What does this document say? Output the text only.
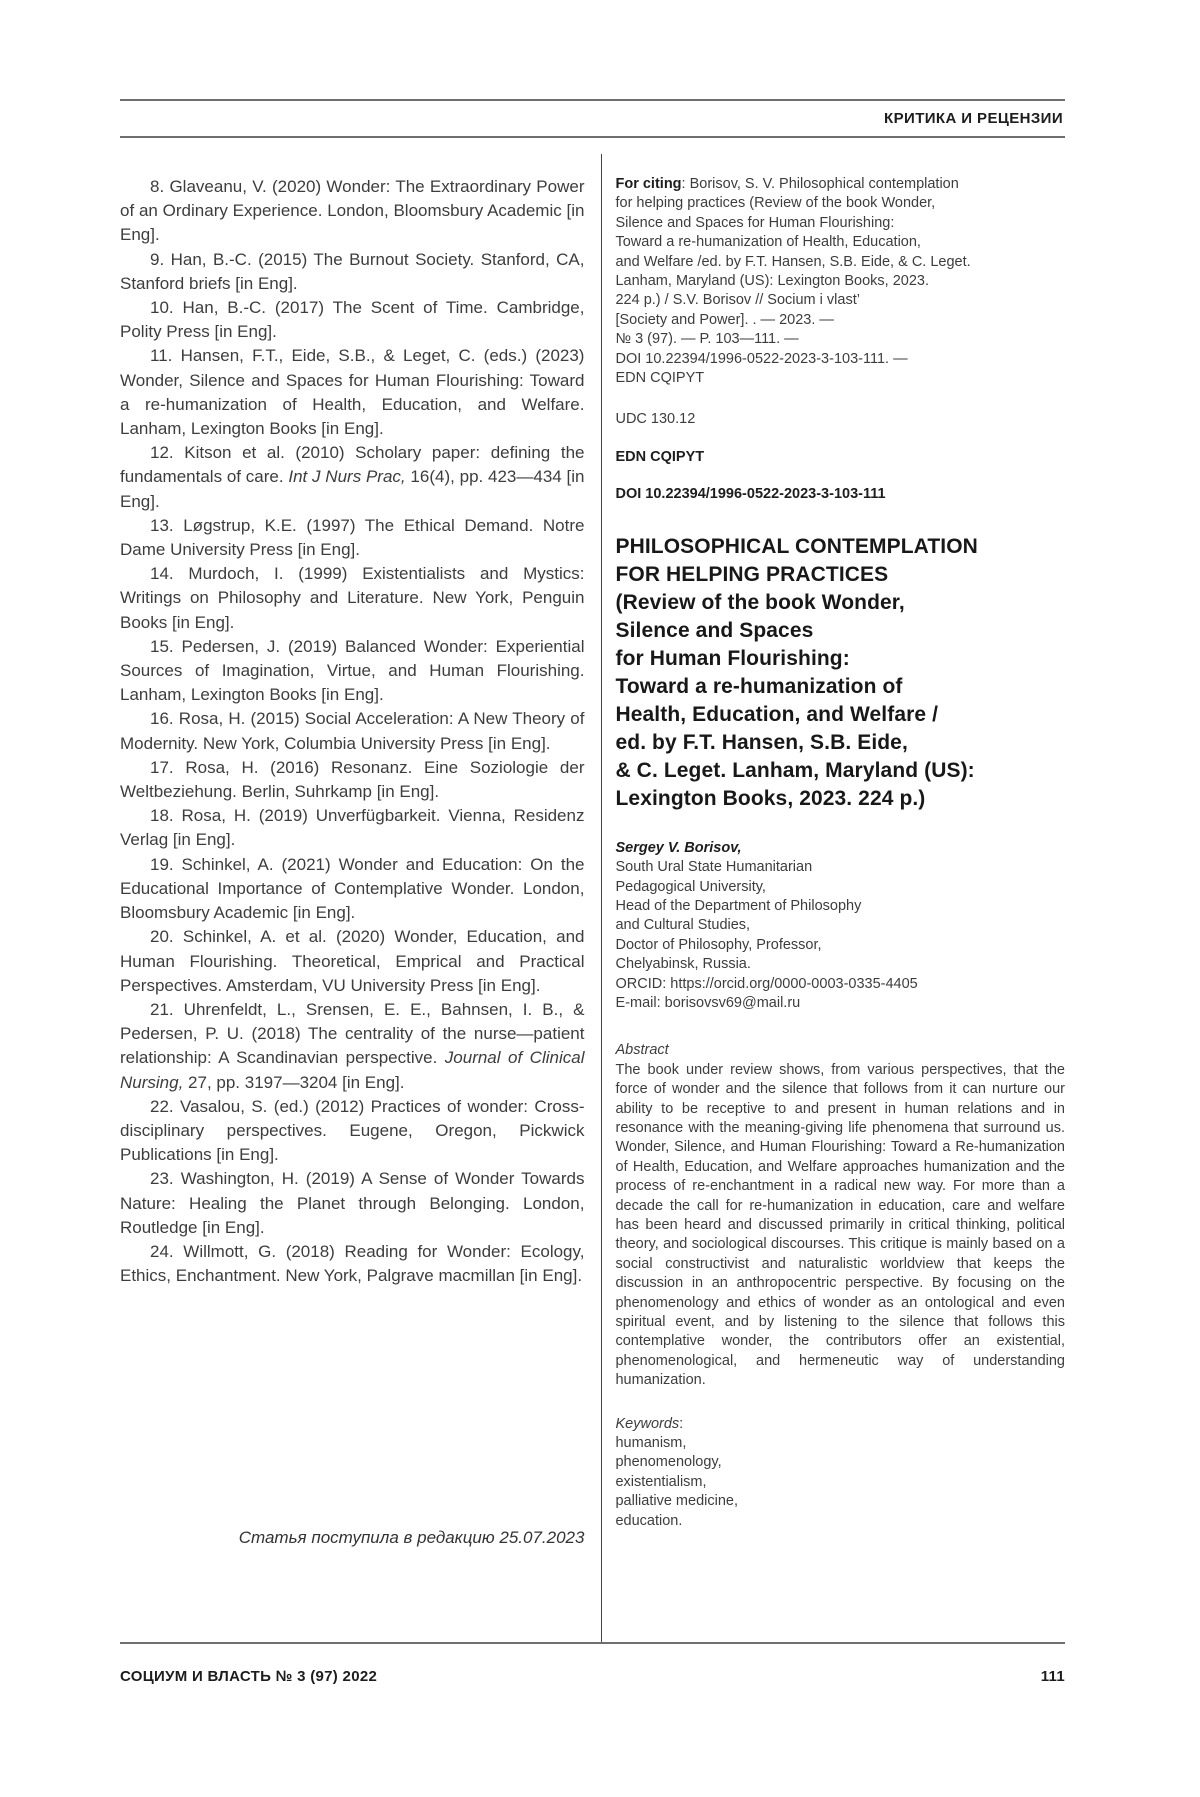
КРИТИКА И РЕЦЕНЗИИ

8. Glaveanu, V. (2020) Wonder: The Extraordinary Power of an Ordinary Experience. London, Bloomsbury Academic [in Eng].

9. Han, B.-C. (2015) The Burnout Society. Stanford, CA, Stanford briefs [in Eng].

10. Han, B.-C. (2017) The Scent of Time. Cambridge, Polity Press [in Eng].

11. Hansen, F.T., Eide, S.B., & Leget, C. (eds.) (2023) Wonder, Silence and Spaces for Human Flourishing: Toward a re-humanization of Health, Education, and Welfare. Lanham, Lexington Books [in Eng].

12. Kitson et al. (2010) Scholary paper: defining the fundamentals of care. Int J Nurs Prac, 16(4), pp. 423—434 [in Eng].

13. Løgstrup, K.E. (1997) The Ethical Demand. Notre Dame University Press [in Eng].

14. Murdoch, I. (1999) Existentialists and Mystics: Writings on Philosophy and Literature. New York, Penguin Books [in Eng].

15. Pedersen, J. (2019) Balanced Wonder: Experiential Sources of Imagination, Virtue, and Human Flourishing. Lanham, Lexington Books [in Eng].

16. Rosa, H. (2015) Social Acceleration: A New Theory of Modernity. New York, Columbia University Press [in Eng].

17. Rosa, H. (2016) Resonanz. Eine Soziologie der Weltbeziehung. Berlin, Suhrkamp [in Eng].

18. Rosa, H. (2019) Unverfügbarkeit. Vienna, Residenz Verlag [in Eng].

19. Schinkel, A. (2021) Wonder and Education: On the Educational Importance of Contemplative Wonder. London, Bloomsbury Academic [in Eng].

20. Schinkel, A. et al. (2020) Wonder, Education, and Human Flourishing. Theoretical, Emprical and Practical Perspectives. Amsterdam, VU University Press [in Eng].

21. Uhrenfeldt, L., Srensen, E. E., Bahnsen, I. B., & Pedersen, P. U. (2018) The centrality of the nurse—patient relationship: A Scandinavian perspective. Journal of Clinical Nursing, 27, pp. 3197—3204 [in Eng].

22. Vasalou, S. (ed.) (2012) Practices of wonder: Cross-disciplinary perspectives. Eugene, Oregon, Pickwick Publications [in Eng].

23. Washington, H. (2019) A Sense of Wonder Towards Nature: Healing the Planet through Belonging. London, Routledge [in Eng].

24. Willmott, G. (2018) Reading for Wonder: Ecology, Ethics, Enchantment. New York, Palgrave macmillan [in Eng].

Статья поступила в редакцию 25.07.2023

For citing: Borisov, S. V. Philosophical contemplation
for helping practices (Review of the book Wonder,
Silence and Spaces for Human Flourishing:
Toward a re-humanization of Health, Education,
and Welfare /ed. by F.T. Hansen, S.B. Eide, & C. Leget.
Lanham, Maryland (US): Lexington Books, 2023.
224 p.) / S.V. Borisov // Socium i vlast’
[Society and Power]. . — 2023. —
№ 3 (97). — P. 103—111. —
DOI 10.22394/1996-0522-2023-3-103-111. —
EDN CQIPYT

UDC 130.12

EDN CQIPYT

DOI 10.22394/1996-0522-2023-3-103-111

PHILOSOPHICAL CONTEMPLATION
FOR HELPING PRACTICES
(Review of the book Wonder,
Silence and Spaces
for Human Flourishing:
Toward a re-humanization of
Health, Education, and Welfare /
ed. by F.T. Hansen, S.B. Eide,
& C. Leget. Lanham, Maryland (US):
Lexington Books, 2023. 224 p.)

Sergey V. Borisov,

South Ural State Humanitarian
Pedagogical University,
Head of the Department of Philosophy
and Cultural Studies,
Doctor of Philosophy, Professor,
Chelyabinsk, Russia.
ORCID: https://orcid.org/0000-0003-0335-4405
E-mail: borisovsv69@mail.ru

Abstract

The book under review shows, from various perspectives, that the force of wonder and the silence that follows from it can nurture our ability to be receptive to and present in human relations and in resonance with the meaning-giving life phenomena that surround us. Wonder, Silence, and Human Flourishing: Toward a Re-humanization of Health, Education, and Welfare approaches humanization and the process of re-enchantment in a radical new way. For more than a decade the call for re-humanization in education, care and welfare has been heard and discussed primarily in critical thinking, political theory, and sociological discourses. This critique is mainly based on a social constructivist and naturalistic worldview that keeps the discussion in an anthropocentric perspective. By focusing on the phenomenology and ethics of wonder as an ontological and even spiritual event, and by listening to the silence that follows this contemplative wonder, the contributors offer an existential, phenomenological, and hermeneutic way of understanding humanization.

Keywords:

humanism,
phenomenology,
existentialism,
palliative medicine,
education.
СОЦИУМ И ВЛАСТЬ № 3 (97) 2022	111
